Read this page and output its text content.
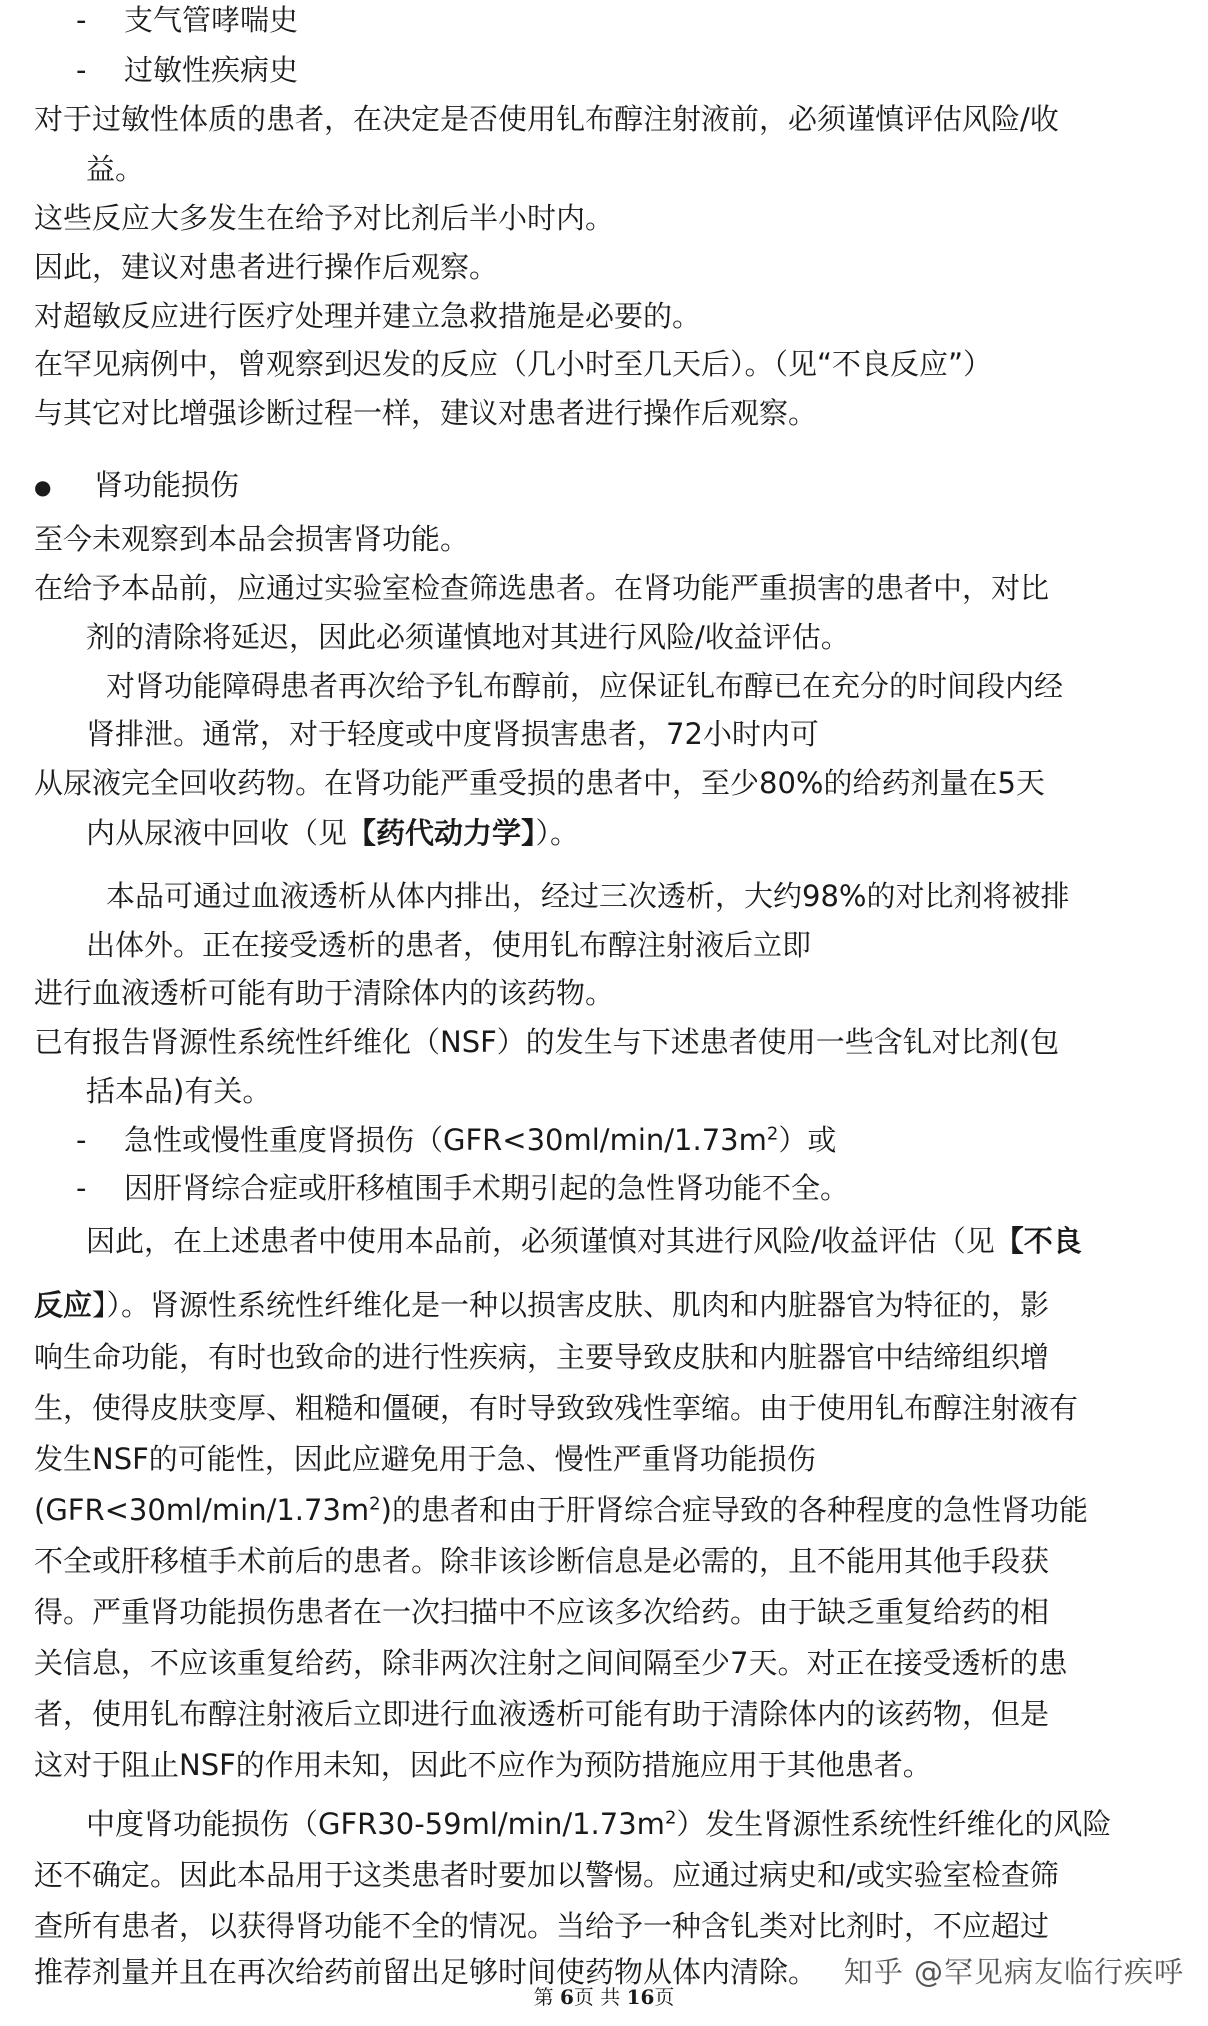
- 支气管哮喘史
- 过敏性疾病史
对于过敏性体质的患者，在决定是否使用钆布醇注射液前，必须谨慎评估风险/收
益。
这些反应大多发生在给予对比剂后半小时内。
因此，建议对患者进行操作后观察。
对超敏反应进行医疗处理并建立急救措施是必要的。
在罕见病例中，曾观察到迟发的反应（几小时至几天后）。（见“不良反应”）
与其它对比增强诊断过程一样，建议对患者进行操作后观察。
● 肾功能损伤
至今未观察到本品会损害肾功能。
在给予本品前，应通过实验室检查筛选患者。在肾功能严重损害的患者中，对比
剂的清除将延迟，因此必须谨慎地对其进行风险/收益评估。
对肾功能障碍患者再次给予钆布醇前，应保证钆布醇已在充分的时间段内经
肾排泄。通常，对于轻度或中度肾损害患者，72小时内可
从尿液完全回收药物。在肾功能严重受损的患者中，至少80%的给药剂量在5天
内从尿液中回收（见【药代动力学】）。
本品可通过血液透析从体内排出，经过三次透析，大约98%的对比剂将被排
出体外。正在接受透析的患者，使用钆布醇注射液后立即
进行血液透析可能有助于清除体内的该药物。
已有报告肾源性系统性纤维化（NSF）的发生与下述患者使用一些含钆对比剂(包
括本品)有关。
- 急性或慢性重度肾损伤$(GFR<30ml/\min/1.73m^2)$或
- 因肝肾综合症或肝移植围手术期引起的急性肾功能不全。
因此，在上述患者中使用本品前，必须谨慎对其进行风险/收益评估（见【不良
反应】）。肾源性系统性纤维化是一种以损害皮肤、肌肉和内脏器官为特征的，影
响生命功能，有时也致命的进行性疾病，主要导致皮肤和内脏器官中结缔组织增
生，使得皮肤变厚、粗糙和僵硬，有时导致致残性挛缩。由于使用钆布醇注射液有
发生NSF的可能性，因此应避免用于急、慢性严重肾功能损伤
$(GFR<30ml/\min/1.73m^2)$的患者和由于肝肾综合症导致的各种程度的急性肾功能
不全或肝移植手术前后的患者。除非该诊断信息是必需的，且不能用其他手段获
得。严重肾功能损伤患者在一次扫描中不应该多次给药。由于缺乏重复给药的相
关信息，不应该重复给药，除非两次注射之间间隔至少7天。对正在接受透析的患
者，使用钆布醇注射液后立即进行血液透析可能有助于清除体内的该药物，但是
这对于阻止NSF的作用未知，因此不应作为预防措施应用于其他患者。
中度肾功能损伤$(GFR30-59ml/\min/1.73m^2)$发生肾源性系统性纤维化的风险
还不确定。因此本品用于这类患者时要加以警惕。应通过病史和/或实验室检查筛
查所有患者，以获得肾功能不全的情况。当给予一种含钆类对比剂时，不应超过
推荐剂量并且在再次给药前留出足够时间使药物从体内清除。 知乎 @罕见病友临行疾呼
第 6页 共 16页
